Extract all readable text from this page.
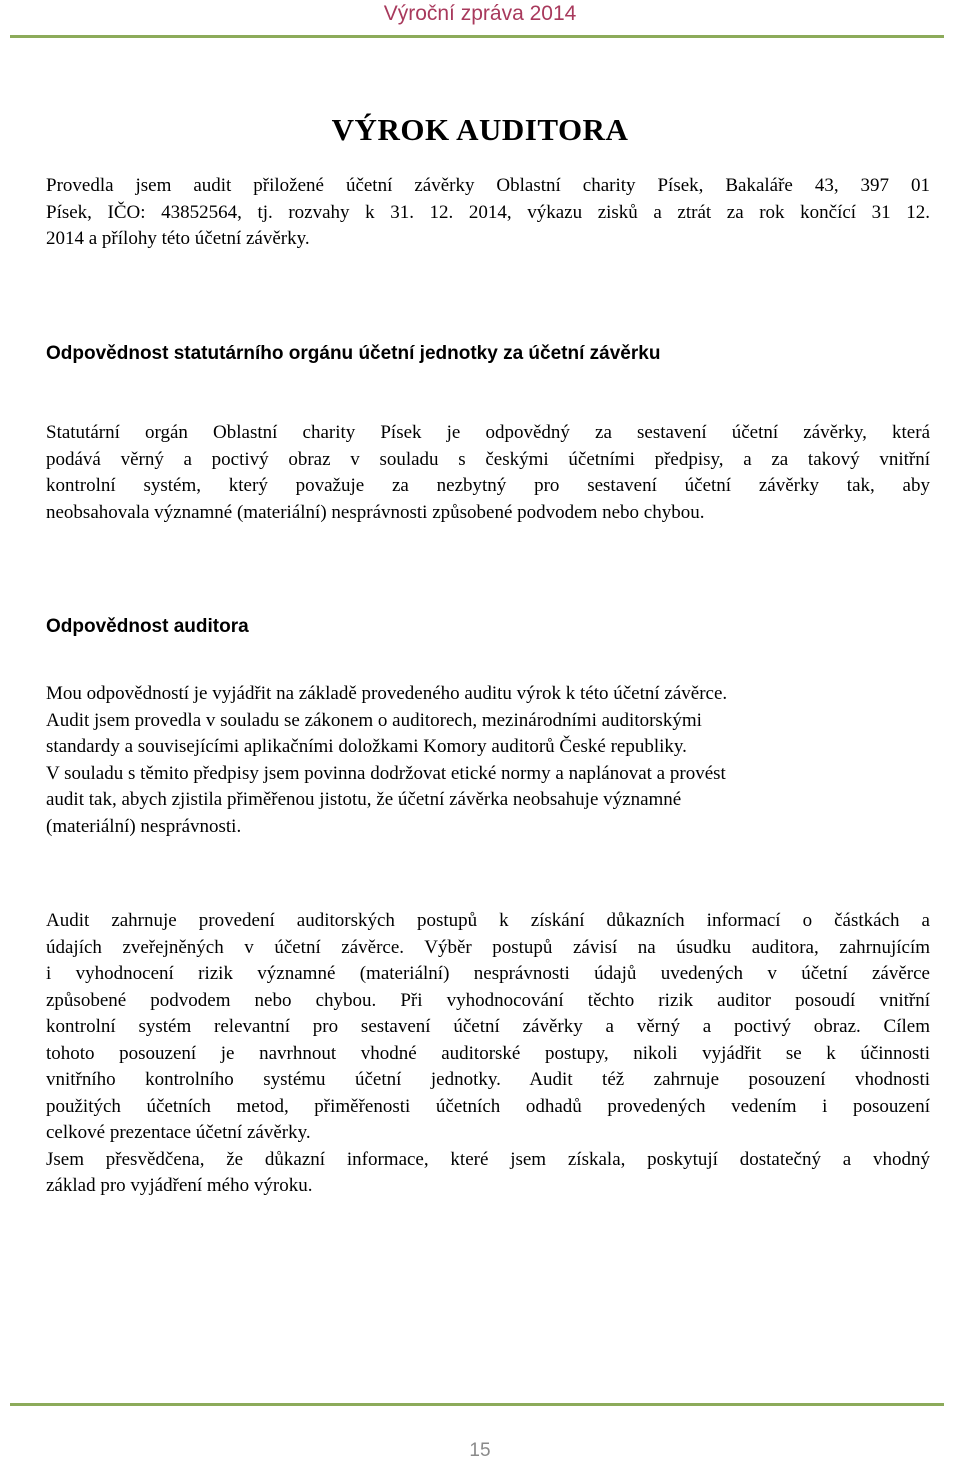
Výroční zpráva 2014
VÝROK AUDITORA
Provedla jsem audit přiložené účetní závěrky Oblastní charity Písek, Bakaláře 43, 397 01
Písek, IČO: 43852564, tj. rozvahy k 31. 12. 2014, výkazu zisků a ztrát za rok končící 31 12.
2014 a přílohy této účetní závěrky.
Odpovědnost statutárního orgánu účetní jednotky za účetní závěrku
Statutární orgán Oblastní charity Písek je odpovědný za sestavení účetní závěrky, která
podává věrný a poctivý obraz v souladu s českými účetními předpisy, a za takový vnitřní
kontrolní systém, který považuje za nezbytný pro sestavení účetní závěrky tak, aby
neobsahovala významné (materiální) nesprávnosti způsobené podvodem nebo chybou.
Odpovědnost auditora
Mou odpovědností je vyjádřit na základě provedeného auditu výrok k této účetní závěrce.
Audit jsem provedla v souladu se zákonem o auditorech, mezinárodními auditorskými
standardy a souvisejícími aplikačními doložkami Komory auditorů České republiky.
V souladu s těmito předpisy jsem povinna dodržovat etické normy a naplánovat a provést
audit tak, abych zjistila přiměřenou jistotu, že účetní závěrka neobsahuje významné
(materiální) nesprávnosti.
Audit zahrnuje provedení auditorských postupů k získání důkazních informací o částkách a
údajích zveřejněných v účetní závěrce. Výběr postupů závisí na úsudku auditora, zahrnujícím
i vyhodnocení rizik významné (materiální) nesprávnosti údajů uvedených v účetní závěrce
způsobené podvodem nebo chybou. Při vyhodnocování těchto rizik auditor posoudí vnitřní
kontrolní systém relevantní pro sestavení účetní závěrky a věrný a poctivý obraz. Cílem
tohoto posouzení je navrhnout vhodné auditorské postupy, nikoli vyjádřit se k účinnosti
vnitřního kontrolního systému účetní jednotky. Audit též zahrnuje posouzení vhodnosti
použitých účetních metod, přiměřenosti účetních odhadů provedených vedením i posouzení
celkové prezentace účetní závěrky.
Jsem přesvědčena, že důkazní informace, které jsem získala, poskytují dostatečný a vhodný
základ pro vyjádření mého výroku.
15
